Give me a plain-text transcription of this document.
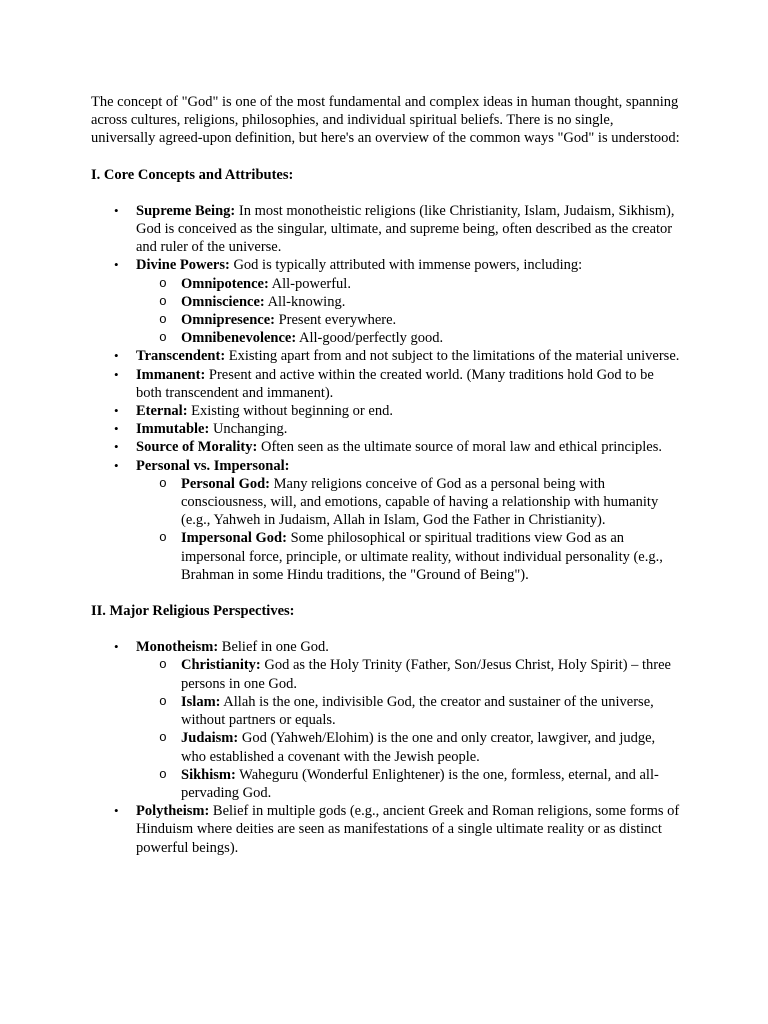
The concept of "God" is one of the most fundamental and complex ideas in human thought, spanning across cultures, religions, philosophies, and individual spiritual beliefs. There is no single, universally agreed-upon definition, but here's an overview of the common ways "God" is understood:

I. Core Concepts and Attributes:
• Supreme Being: In most monotheistic religions (like Christianity, Islam, Judaism, Sikhism), God is conceived as the singular, ultimate, and supreme being, often described as the creator and ruler of the universe.
• Divine Powers: God is typically attributed with immense powers, including:
o Omnipotence: All-powerful.
o Omniscience: All-knowing.
o Omnipresence: Present everywhere.
o Omnibenevolence: All-good/perfectly good.
• Transcendent: Existing apart from and not subject to the limitations of the material universe.
• Immanent: Present and active within the created world. (Many traditions hold God to be both transcendent and immanent).
• Eternal: Existing without beginning or end.
• Immutable: Unchanging.
• Source of Morality: Often seen as the ultimate source of moral law and ethical principles.
• Personal vs. Impersonal:
o Personal God: Many religions conceive of God as a personal being with consciousness, will, and emotions, capable of having a relationship with humanity (e.g., Yahweh in Judaism, Allah in Islam, God the Father in Christianity).
o Impersonal God: Some philosophical or spiritual traditions view God as an impersonal force, principle, or ultimate reality, without individual personality (e.g., Brahman in some Hindu traditions, the "Ground of Being").
II. Major Religious Perspectives:
• Monotheism: Belief in one God.
o Christianity: God as the Holy Trinity (Father, Son/Jesus Christ, Holy Spirit) – three persons in one God.
o Islam: Allah is the one, indivisible God, the creator and sustainer of the universe, without partners or equals.
o Judaism: God (Yahweh/Elohim) is the one and only creator, lawgiver, and judge, who established a covenant with the Jewish people.
o Sikhism: Waheguru (Wonderful Enlightener) is the one, formless, eternal, and all-pervading God.
• Polytheism: Belief in multiple gods (e.g., ancient Greek and Roman religions, some forms of Hinduism where deities are seen as manifestations of a single ultimate reality or as distinct powerful beings).
